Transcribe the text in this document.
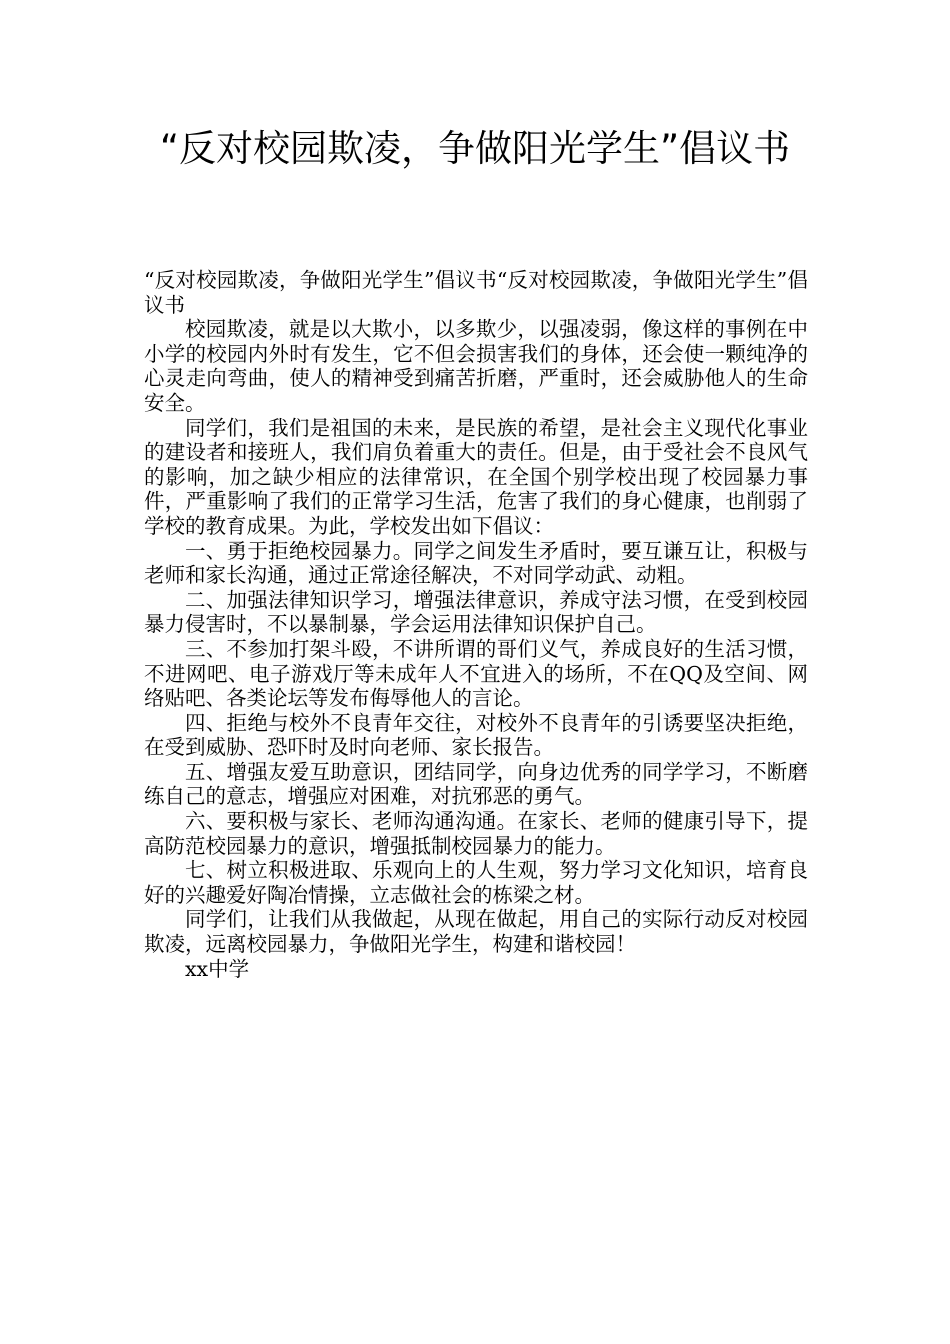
“反对校园欺凌，争做阳光学生”倡议书

“反对校园欺凌，争做阳光学生”倡议书“反对校园欺凌，争做阳光学生”倡议书

校园欺凌，就是以大欺小，以多欺少，以强凌弱，像这样的事例在中小学的校园内外时有发生，它不但会损害我们的身体，还会使一颗纯净的心灵走向弯曲，使人的精神受到痛苦折磨，严重时，还会威胁他人的生命安全。

同学们，我们是祖国的未来，是民族的希望，是社会主义现代化事业的建设者和接班人，我们肩负着重大的责任。但是，由于受社会不良风气的影响，加之缺少相应的法律常识，在全国个别学校出现了校园暴力事件，严重影响了我们的正常学习生活，危害了我们的身心健康，也削弱了学校的教育成果。为此，学校发出如下倡议：

一、勇于拒绝校园暴力。同学之间发生矛盾时，要互谦互让，积极与老师和家长沟通，通过正常途径解决，不对同学动武、动粗。

二、加强法律知识学习，增强法律意识，养成守法习惯，在受到校园暴力侵害时，不以暴制暴，学会运用法律知识保护自己。

三、不参加打架斗殴，不讲所谓的哥们义气，养成良好的生活习惯，不进网吧、电子游戏厅等未成年人不宜进入的场所，不在QQ及空间、网络贴吧、各类论坛等发布侮辱他人的言论。

四、拒绝与校外不良青年交往，对校外不良青年的引诱要坚决拒绝，在受到威胁、恐吓时及时向老师、家长报告。

五、增强友爱互助意识，团结同学，向身边优秀的同学学习，不断磨练自己的意志，增强应对困难，对抗邪恶的勇气。

六、要积极与家长、老师沟通沟通。在家长、老师的健康引导下，提高防范校园暴力的意识，增强抵制校园暴力的能力。

七、树立积极进取、乐观向上的人生观，努力学习文化知识，培育良好的兴趣爱好陶冶情操，立志做社会的栋梁之材。

同学们，让我们从我做起，从现在做起，用自己的实际行动反对校园欺凌，远离校园暴力，争做阳光学生，构建和谐校园！

xx中学
